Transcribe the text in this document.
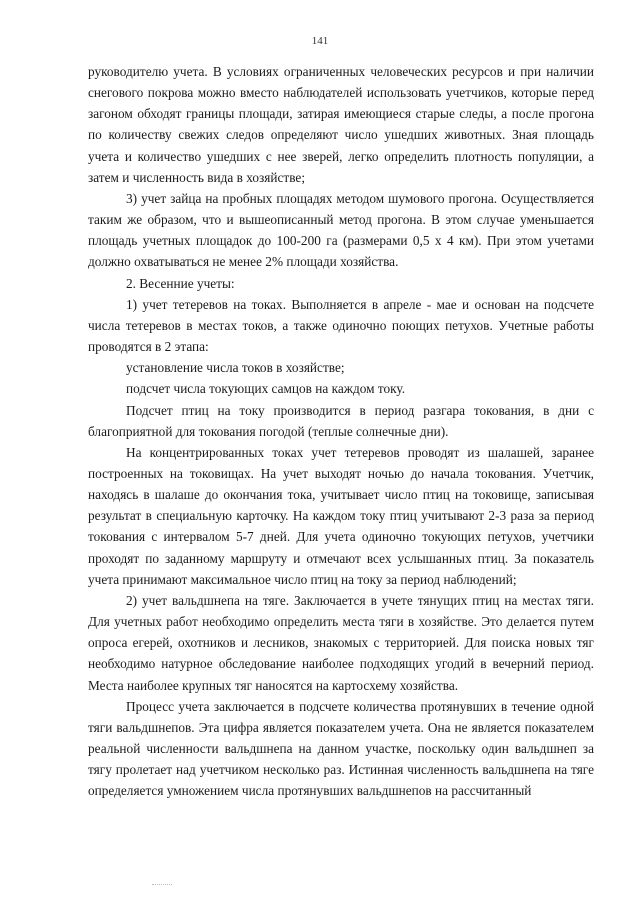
141

руководителю учета. В условиях ограниченных человеческих ресурсов и при наличии снегового покрова можно вместо наблюдателей использовать учетчиков, которые перед загоном обходят границы площади, затирая имеющиеся старые следы, а после прогона по количеству свежих следов определяют число ушедших животных. Зная площадь учета и количество ушедших с нее зверей, легко определить плотность популяции, а затем и численность вида в хозяйстве;

3) учет зайца на пробных площадях методом шумового прогона. Осуществляется таким же образом, что и вышеописанный метод прогона. В этом случае уменьшается площадь учетных площадок до 100-200 га (размерами 0,5 х 4 км). При этом учетами должно охватываться не менее 2% площади хозяйства.

2. Весенние учеты:

1) учет тетеревов на токах. Выполняется в апреле - мае и основан на подсчете числа тетеревов в местах токов, а также одиночно поющих петухов. Учетные работы проводятся в 2 этапа:

установление числа токов в хозяйстве;

подсчет числа токующих самцов на каждом току.

Подсчет птиц на току производится в период разгара токования, в дни с благоприятной для токования погодой (теплые солнечные дни).

На концентрированных токах учет тетеревов проводят из шалашей, заранее построенных на токовищах. На учет выходят ночью до начала токования. Учетчик, находясь в шалаше до окончания тока, учитывает число птиц на токовище, записывая результат в специальную карточку. На каждом току птиц учитывают 2-3 раза за период токования с интервалом 5-7 дней. Для учета одиночно токующих петухов, учетчики проходят по заданному маршруту и отмечают всех услышанных птиц. За показатель учета принимают максимальное число птиц на току за период наблюдений;

2) учет вальдшнепа на тяге. Заключается в учете тянущих птиц на местах тяги. Для учетных работ необходимо определить места тяги в хозяйстве. Это делается путем опроса егерей, охотников и лесников, знакомых с территорией. Для поиска новых тяг необходимо натурное обследование наиболее подходящих угодий в вечерний период. Места наиболее крупных тяг наносятся на картосхему хозяйства.

Процесс учета заключается в подсчете количества протянувших в течение одной тяги вальдшнепов. Эта цифра является показателем учета. Она не является показателем реальной численности вальдшнепа на данном участке, поскольку один вальдшнеп за тягу пролетает над учетчиком несколько раз. Истинная численность вальдшнепа на тяге определяется умножением числа протянувших вальдшнепов на рассчитанный
